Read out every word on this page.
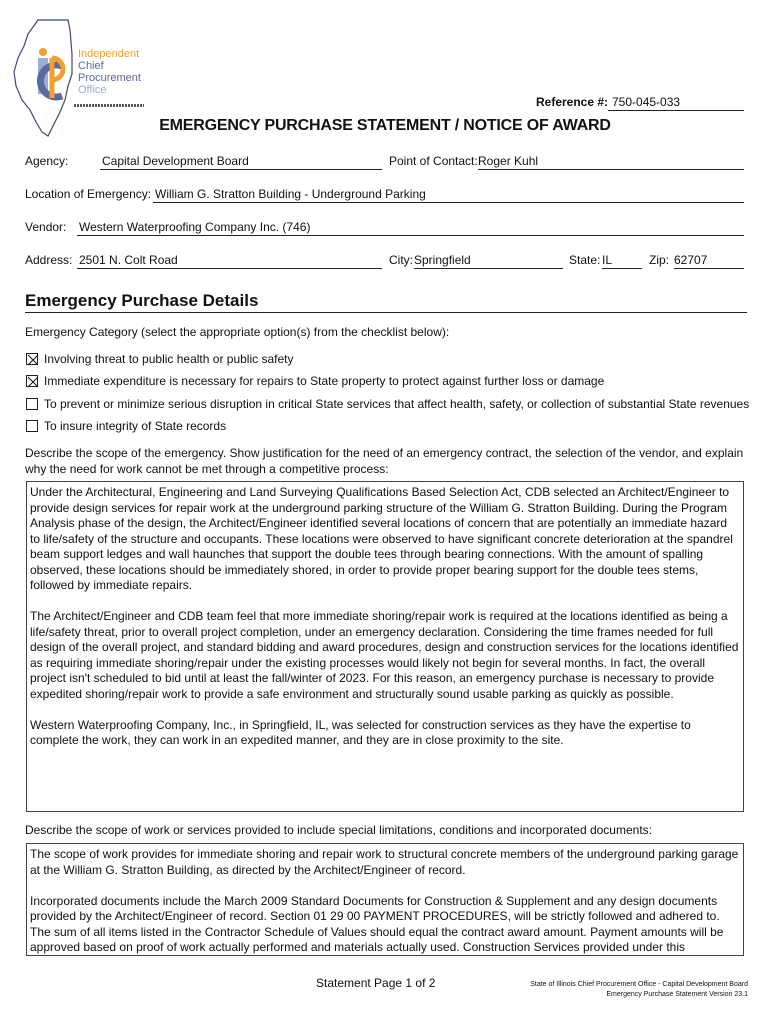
Independent
Chief
Procurement
Office
Reference #: 750-045-033
EMERGENCY PURCHASE STATEMENT / NOTICE OF AWARD
Agency:	Capital Development Board	Point of Contact: Roger Kuhl
Location of Emergency: William G. Stratton Building - Underground Parking
Vendor: Western Waterproofing Company Inc. (746)
Address: 2501 N. Colt Road	City: Springfield	State: IL	Zip: 62707
Emergency Purchase Details
Emergency Category (select the appropriate option(s) from the checklist below):
Involving threat to public health or public safety
Immediate expenditure is necessary for repairs to State property to protect against further loss or damage
To prevent or minimize serious disruption in critical State services that affect health, safety, or collection of substantial State revenues
To insure integrity of State records
Describe the scope of the emergency. Show justification for the need of an emergency contract, the selection of the vendor, and explain why the need for work cannot be met through a competitive process:

Under the Architectural, Engineering and Land Surveying Qualifications Based Selection Act, CDB selected an Architect/Engineer to provide design services for repair work at the underground parking structure of the William G. Stratton Building. During the Program Analysis phase of the design, the Architect/Engineer identified several locations of concern that are potentially an immediate hazard to life/safety of the structure and occupants. These locations were observed to have significant concrete deterioration at the spandrel beam support ledges and wall haunches that support the double tees through bearing connections. With the amount of spalling observed, these locations should be immediately shored, in order to provide proper bearing support for the double tees stems, followed by immediate repairs.

The Architect/Engineer and CDB team feel that more immediate shoring/repair work is required at the locations identified as being a life/safety threat, prior to overall project completion, under an emergency declaration. Considering the time frames needed for full design of the overall project, and standard bidding and award procedures, design and construction services for the locations identified as requiring immediate shoring/repair under the existing processes would likely not begin for several months. In fact, the overall project isn't scheduled to bid until at least the fall/winter of 2023. For this reason, an emergency purchase is necessary to provide expedited shoring/repair work to provide a safe environment and structurally sound usable parking as quickly as possible.

Western Waterproofing Company, Inc., in Springfield, IL, was selected for construction services as they have the expertise to complete the work, they can work in an expedited manner, and they are in close proximity to the site.

Describe the scope of work or services provided to include special limitations, conditions and incorporated documents:

The scope of work provides for immediate shoring and repair work to structural concrete members of the underground parking garage at the William G. Stratton Building, as directed by the Architect/Engineer of record.

Incorporated documents include the March 2009 Standard Documents for Construction & Supplement and any design documents provided by the Architect/Engineer of record. Section 01 29 00 PAYMENT PROCEDURES, will be strictly followed and adhered to. The sum of all items listed in the Contractor Schedule of Values should equal the contract award amount. Payment amounts will be approved based on proof of work actually performed and materials actually used. Construction Services provided under this

Statement Page 1 of 2	State of Illinois Chief Procurement Office - Capital Development Board
Emergency Purchase Statement Version 23.1
